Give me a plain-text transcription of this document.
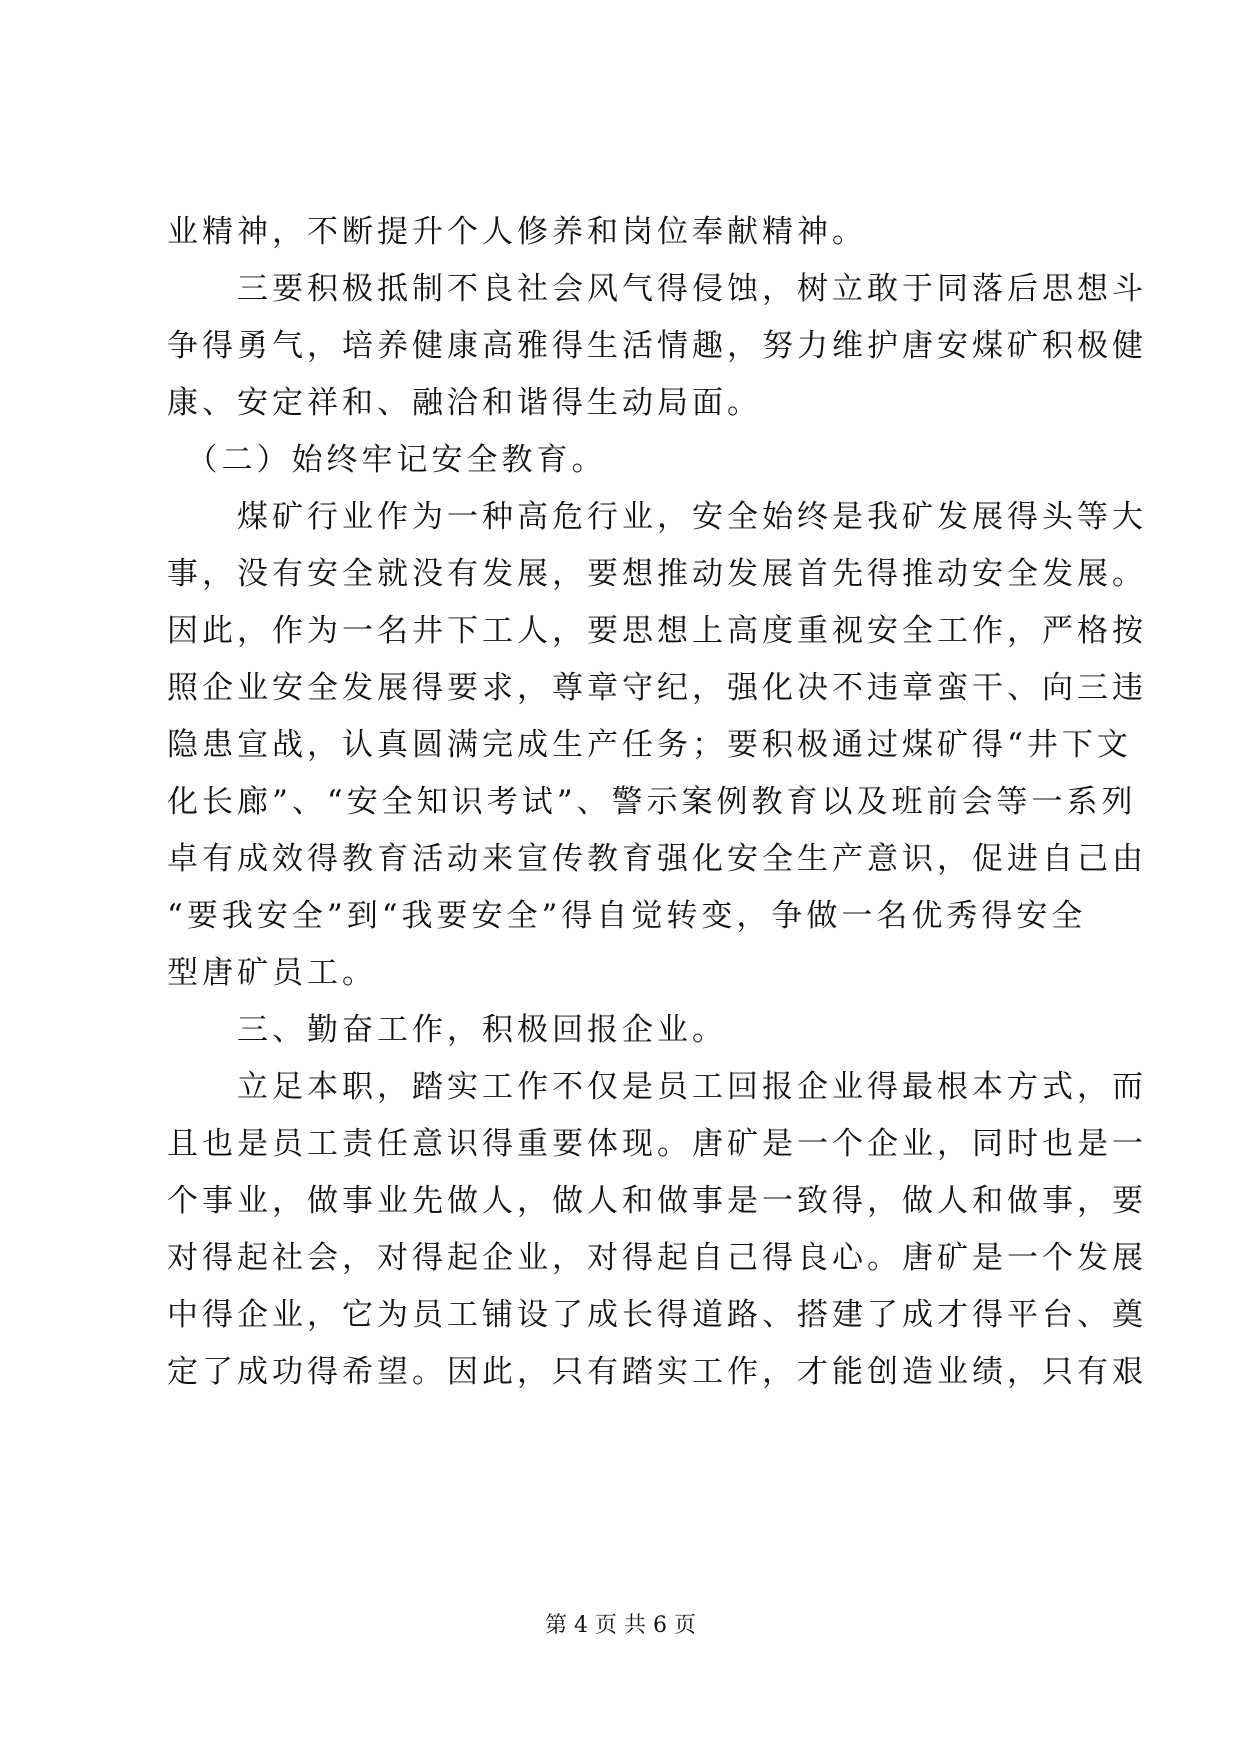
业精神，不断提升个人修养和岗位奉献精神。
　　三要积极抵制不良社会风气得侵蚀，树立敢于同落后思想斗
争得勇气，培养健康高雅得生活情趣，努力维护唐安煤矿积极健
康、安定祥和、融洽和谐得生动局面。
　（二）始终牢记安全教育。
　　煤矿行业作为一种高危行业，安全始终是我矿发展得头等大
事，没有安全就没有发展，要想推动发展首先得推动安全发展。
因此，作为一名井下工人，要思想上高度重视安全工作，严格按
照企业安全发展得要求，尊章守纪，强化决不违章蛮干、向三违
隐患宣战，认真圆满完成生产任务；要积极通过煤矿得“井下文
化长廊”、“安全知识考试”、警示案例教育以及班前会等一系列
卓有成效得教育活动来宣传教育强化安全生产意识，促进自己由
“要我安全”到“我要安全”得自觉转变，争做一名优秀得安全
型唐矿员工。
　　三、勤奋工作，积极回报企业。
　　立足本职，踏实工作不仅是员工回报企业得最根本方式，而
且也是员工责任意识得重要体现。唐矿是一个企业，同时也是一
个事业，做事业先做人，做人和做事是一致得，做人和做事，要
对得起社会，对得起企业，对得起自己得良心。唐矿是一个发展
中得企业，它为员工铺设了成长得道路、搭建了成才得平台、奠
定了成功得希望。因此，只有踏实工作，才能创造业绩，只有艰
第 4 页 共 6 页
